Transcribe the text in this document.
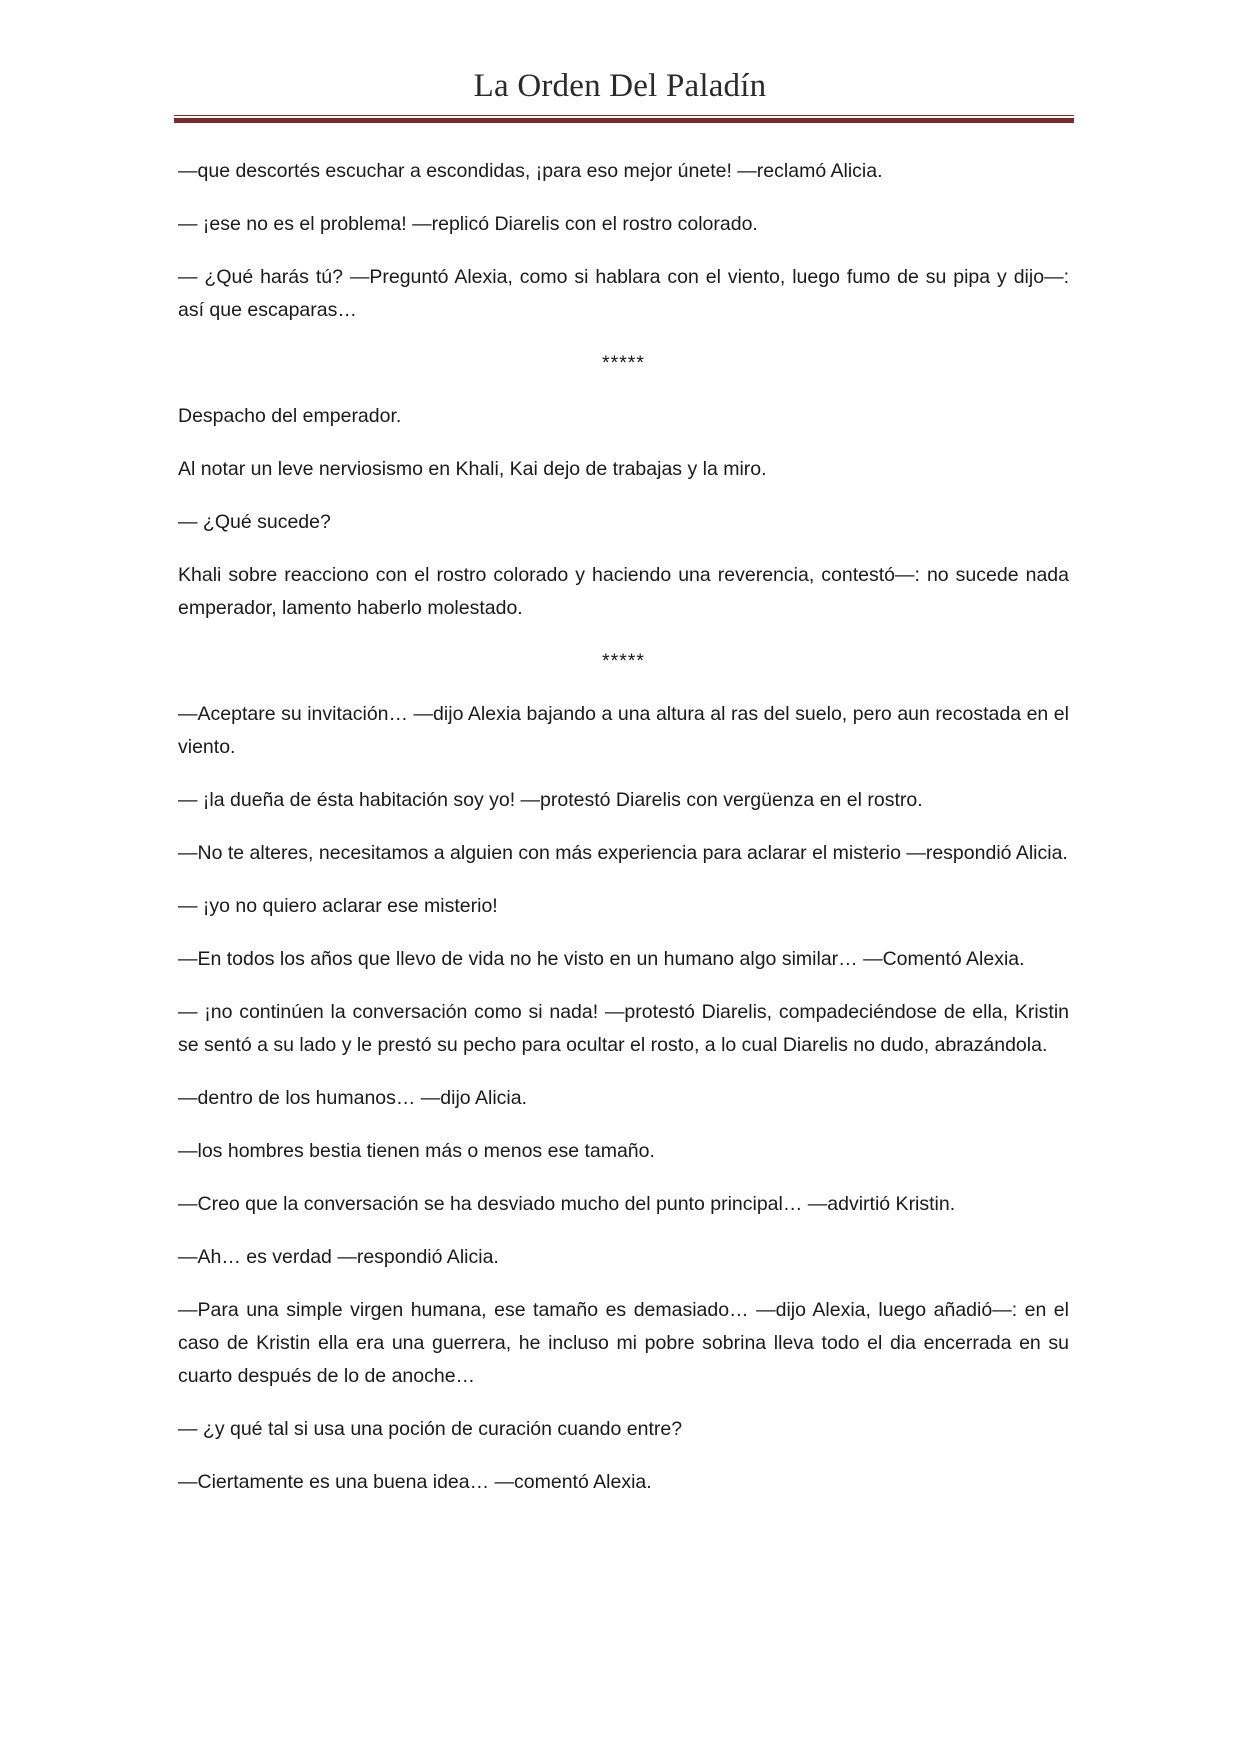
La Orden Del Paladín

—que descortés escuchar a escondidas, ¡para eso mejor únete! —reclamó Alicia.

— ¡ese no es el problema! —replicó Diarelis con el rostro colorado.

— ¿Qué harás tú? —Preguntó Alexia, como si hablara con el viento, luego fumo de su pipa y dijo—: así que escaparas…

*****

Despacho del emperador.

Al notar un leve nerviosismo en Khali, Kai dejo de trabajas y la miro.

— ¿Qué sucede?

Khali sobre reacciono con el rostro colorado y haciendo una reverencia, contestó—: no sucede nada emperador, lamento haberlo molestado.

*****

—Aceptare su invitación… —dijo Alexia bajando a una altura al ras del suelo, pero aun recostada en el viento.

— ¡la dueña de ésta habitación soy yo! —protestó Diarelis con vergüenza en el rostro.

—No te alteres, necesitamos a alguien con más experiencia para aclarar el misterio —respondió Alicia.

— ¡yo no quiero aclarar ese misterio!

—En todos los años que llevo de vida no he visto en un humano algo similar… —Comentó Alexia.

— ¡no continúen la conversación como si nada! —protestó Diarelis, compadeciéndose de ella, Kristin se sentó a su lado y le prestó su pecho para ocultar el rosto, a lo cual Diarelis no dudo, abrazándola.

—dentro de los humanos… —dijo Alicia.

—los hombres bestia tienen más o menos ese tamaño.

—Creo que la conversación se ha desviado mucho del punto principal… —advirtió Kristin.

—Ah… es verdad —respondió Alicia.

—Para una simple virgen humana, ese tamaño es demasiado… —dijo Alexia, luego añadió—: en el caso de Kristin ella era una guerrera, he incluso mi pobre sobrina lleva todo el dia encerrada en su cuarto después de lo de anoche…

— ¿y qué tal si usa una poción de curación cuando entre?

—Ciertamente es una buena idea… —comentó Alexia.
